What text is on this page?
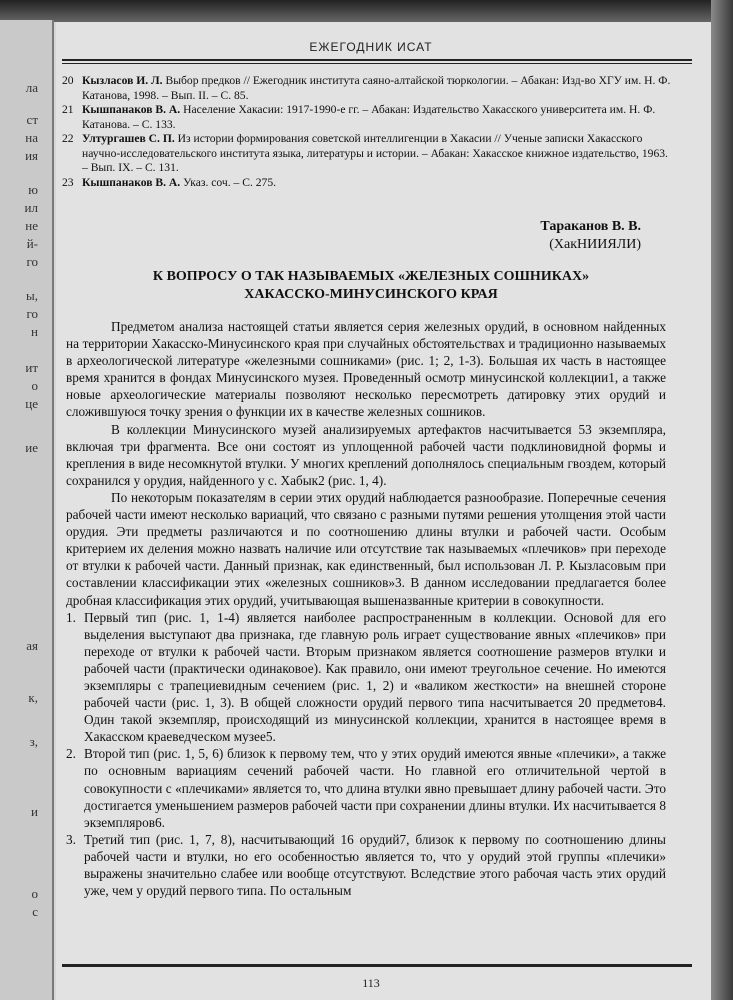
ла
ст
на
ия
ю
ил
не
й-
го
ы,
го
н
ит
о
це
ие
ая
к,
з,
и
о
с
ЕЖЕГОДНИК ИСАТ
20 Кызласов И. Л. Выбор предков // Ежегодник института саяно-алтайской тюркологии. – Абакан: Изд-во ХГУ им. Н. Ф. Катанова, 1998. – Вып. II. – С. 85.
21 Кышпанаков В. А. Население Хакасии: 1917-1990-е гг. – Абакан: Издательство Хакасского университета им. Н. Ф. Катанова. – С. 133.
22 Ултургашев С. П. Из истории формирования советской интеллигенции в Хакасии // Ученые записки Хакасского научно-исследовательского института языка, литературы и истории. – Абакан: Хакасское книжное издательство, 1963. – Вып. IX. – С. 131.
23 Кышпанаков В. А. Указ. соч. – С. 275.
Тараканов В. В.
(ХакНИИЯЛИ)
К ВОПРОСУ О ТАК НАЗЫВАЕМЫХ «ЖЕЛЕЗНЫХ СОШНИКАХ»
ХАКАССКО-МИНУСИНСКОГО КРАЯ

Предметом анализа настоящей статьи является серия железных орудий, в основном найденных на территории Хакасско-Минусинского края при случайных обстоятельствах и традиционно называемых в археологической литературе «железными сошниками» (рис. 1; 2, 1-3). Большая их часть в настоящее время хранится в фондах Минусинского музея. Проведенный осмотр минусинской коллекции1, а также новые археологические материалы позволяют несколько пересмотреть датировку этих орудий и сложившуюся точку зрения о функции их в качестве железных сошников.

В коллекции Минусинского музей анализируемых артефактов насчитывается 53 экземпляра, включая три фрагмента. Все они состоят из уплощенной рабочей части подклиновидной формы и крепления в виде несомкнутой втулки. У многих креплений дополнялось специальным гвоздем, который сохранился у орудия, найденного у с. Хабык2 (рис. 1, 4).

По некоторым показателям в серии этих орудий наблюдается разнообразие. Поперечные сечения рабочей части имеют несколько вариаций, что связано с разными путями решения утолщения этой части орудия. Эти предметы различаются и по соотношению длины втулки и рабочей части. Особым критерием их деления можно назвать наличие или отсутствие так называемых «плечиков» при переходе от втулки к рабочей части. Данный признак, как единственный, был использован Л. Р. Кызласовым при составлении классификации этих «железных сошников»3. В данном исследовании предлагается более дробная классификация этих орудий, учитывающая вышеназванные критерии в совокупности.

1. Первый тип (рис. 1, 1-4) является наиболее распространенным в коллекции. Основой для его выделения выступают два признака, где главную роль играет существование явных «плечиков» при переходе от втулки к рабочей части. Вторым признаком является соотношение размеров втулки и рабочей части (практически одинаковое). Как правило, они имеют треугольное сечение. Но имеются экземпляры с трапециевидным сечением (рис. 1, 2) и «валиком жесткости» на внешней стороне рабочей части (рис. 1, 3). В общей сложности орудий первого типа насчитывается 20 предметов4. Один такой экземпляр, происходящий из минусинской коллекции, хранится в настоящее время в Хакасском краеведческом музее5.

2. Второй тип (рис. 1, 5, 6) близок к первому тем, что у этих орудий имеются явные «плечики», а также по основным вариациям сечений рабочей части. Но главной его отличительной чертой в совокупности с «плечиками» является то, что длина втулки явно превышает длину рабочей части. Это достигается уменьшением размеров рабочей части при сохранении длины втулки. Их насчитывается 8 экземпляров6.

3. Третий тип (рис. 1, 7, 8), насчитывающий 16 орудий7, близок к первому по соотношению длины рабочей части и втулки, но его особенностью является то, что у орудий этой группы «плечики» выражены значительно слабее или вообще отсутствуют. Вследствие этого рабочая часть этих орудий уже, чем у орудий первого типа. По остальным

113
